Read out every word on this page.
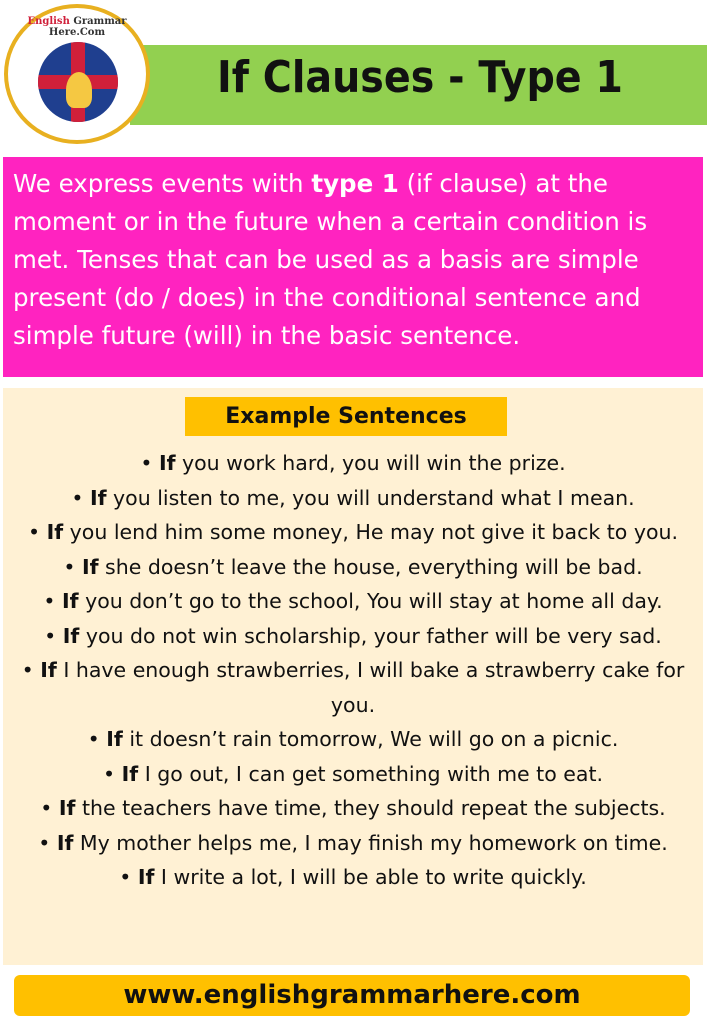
English Grammar Here.Com
If Clauses - Type 1
We express events with type 1 (if clause) at the moment or in the future when a certain condition is met. Tenses that can be used as a basis are simple present (do / does) in the conditional sentence and simple future (will) in the basic sentence.
Example Sentences
• If you work hard, you will win the prize.
• If you listen to me, you will understand what I mean.
• If you lend him some money, He may not give it back to you.
• If she doesn’t leave the house, everything will be bad.
• If you don’t go to the school, You will stay at home all day.
• If you do not win scholarship, your father will be very sad.
• If I have enough strawberries, I will bake a strawberry cake for you.
• If it doesn’t rain tomorrow, We will go on a picnic.
• If I go out, I can get something with me to eat.
• If the teachers have time, they should repeat the subjects.
• If My mother helps me, I may finish my homework on time.
• If I write a lot, I will be able to write quickly.
www.englishgrammarhere.com
